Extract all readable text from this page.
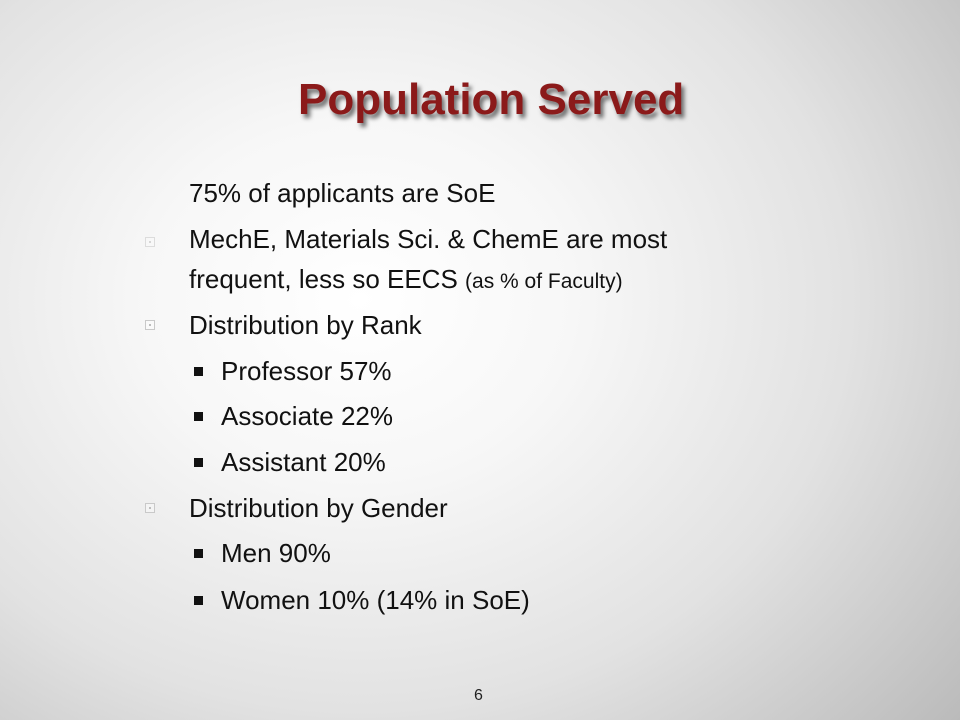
Population Served
75% of applicants are SoE
MechE, Materials Sci. & ChemE are most
frequent, less so EECS (as % of Faculty)
Distribution by Rank
Professor 57%
Associate 22%
Assistant 20%
Distribution by Gender
Men 90%
Women 10% (14% in SoE)
6
